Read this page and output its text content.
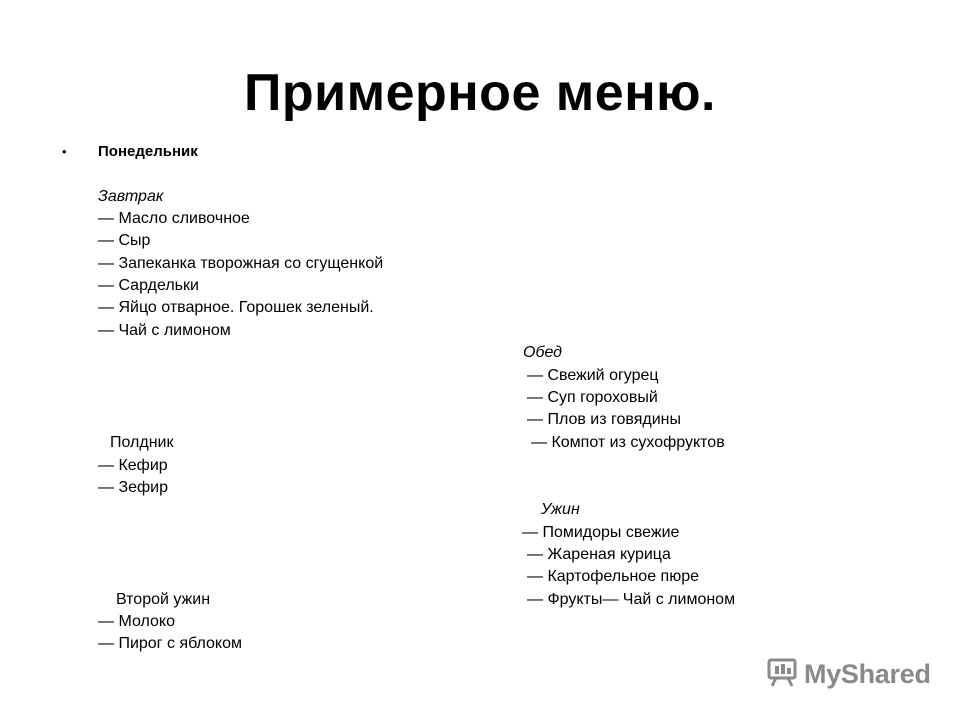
Примерное меню.
• Понедельник
Завтрак
— Масло сливочное
— Сыр
— Запеканка творожная со сгущенкой
— Сардельки
— Яйцо отварное. Горошек зеленый.
— Чай с лимоном
Обед
— Свежий огурец
— Суп гороховый
— Плов из говядины
— Компот из сухофруктов
Полдник
— Кефир
— Зефир
Ужин
— Помидоры свежие
— Жареная курица
— Картофельное пюре
— Фрукты— Чай с лимоном
Второй ужин
— Молоко
— Пирог с яблоком
MyShared
